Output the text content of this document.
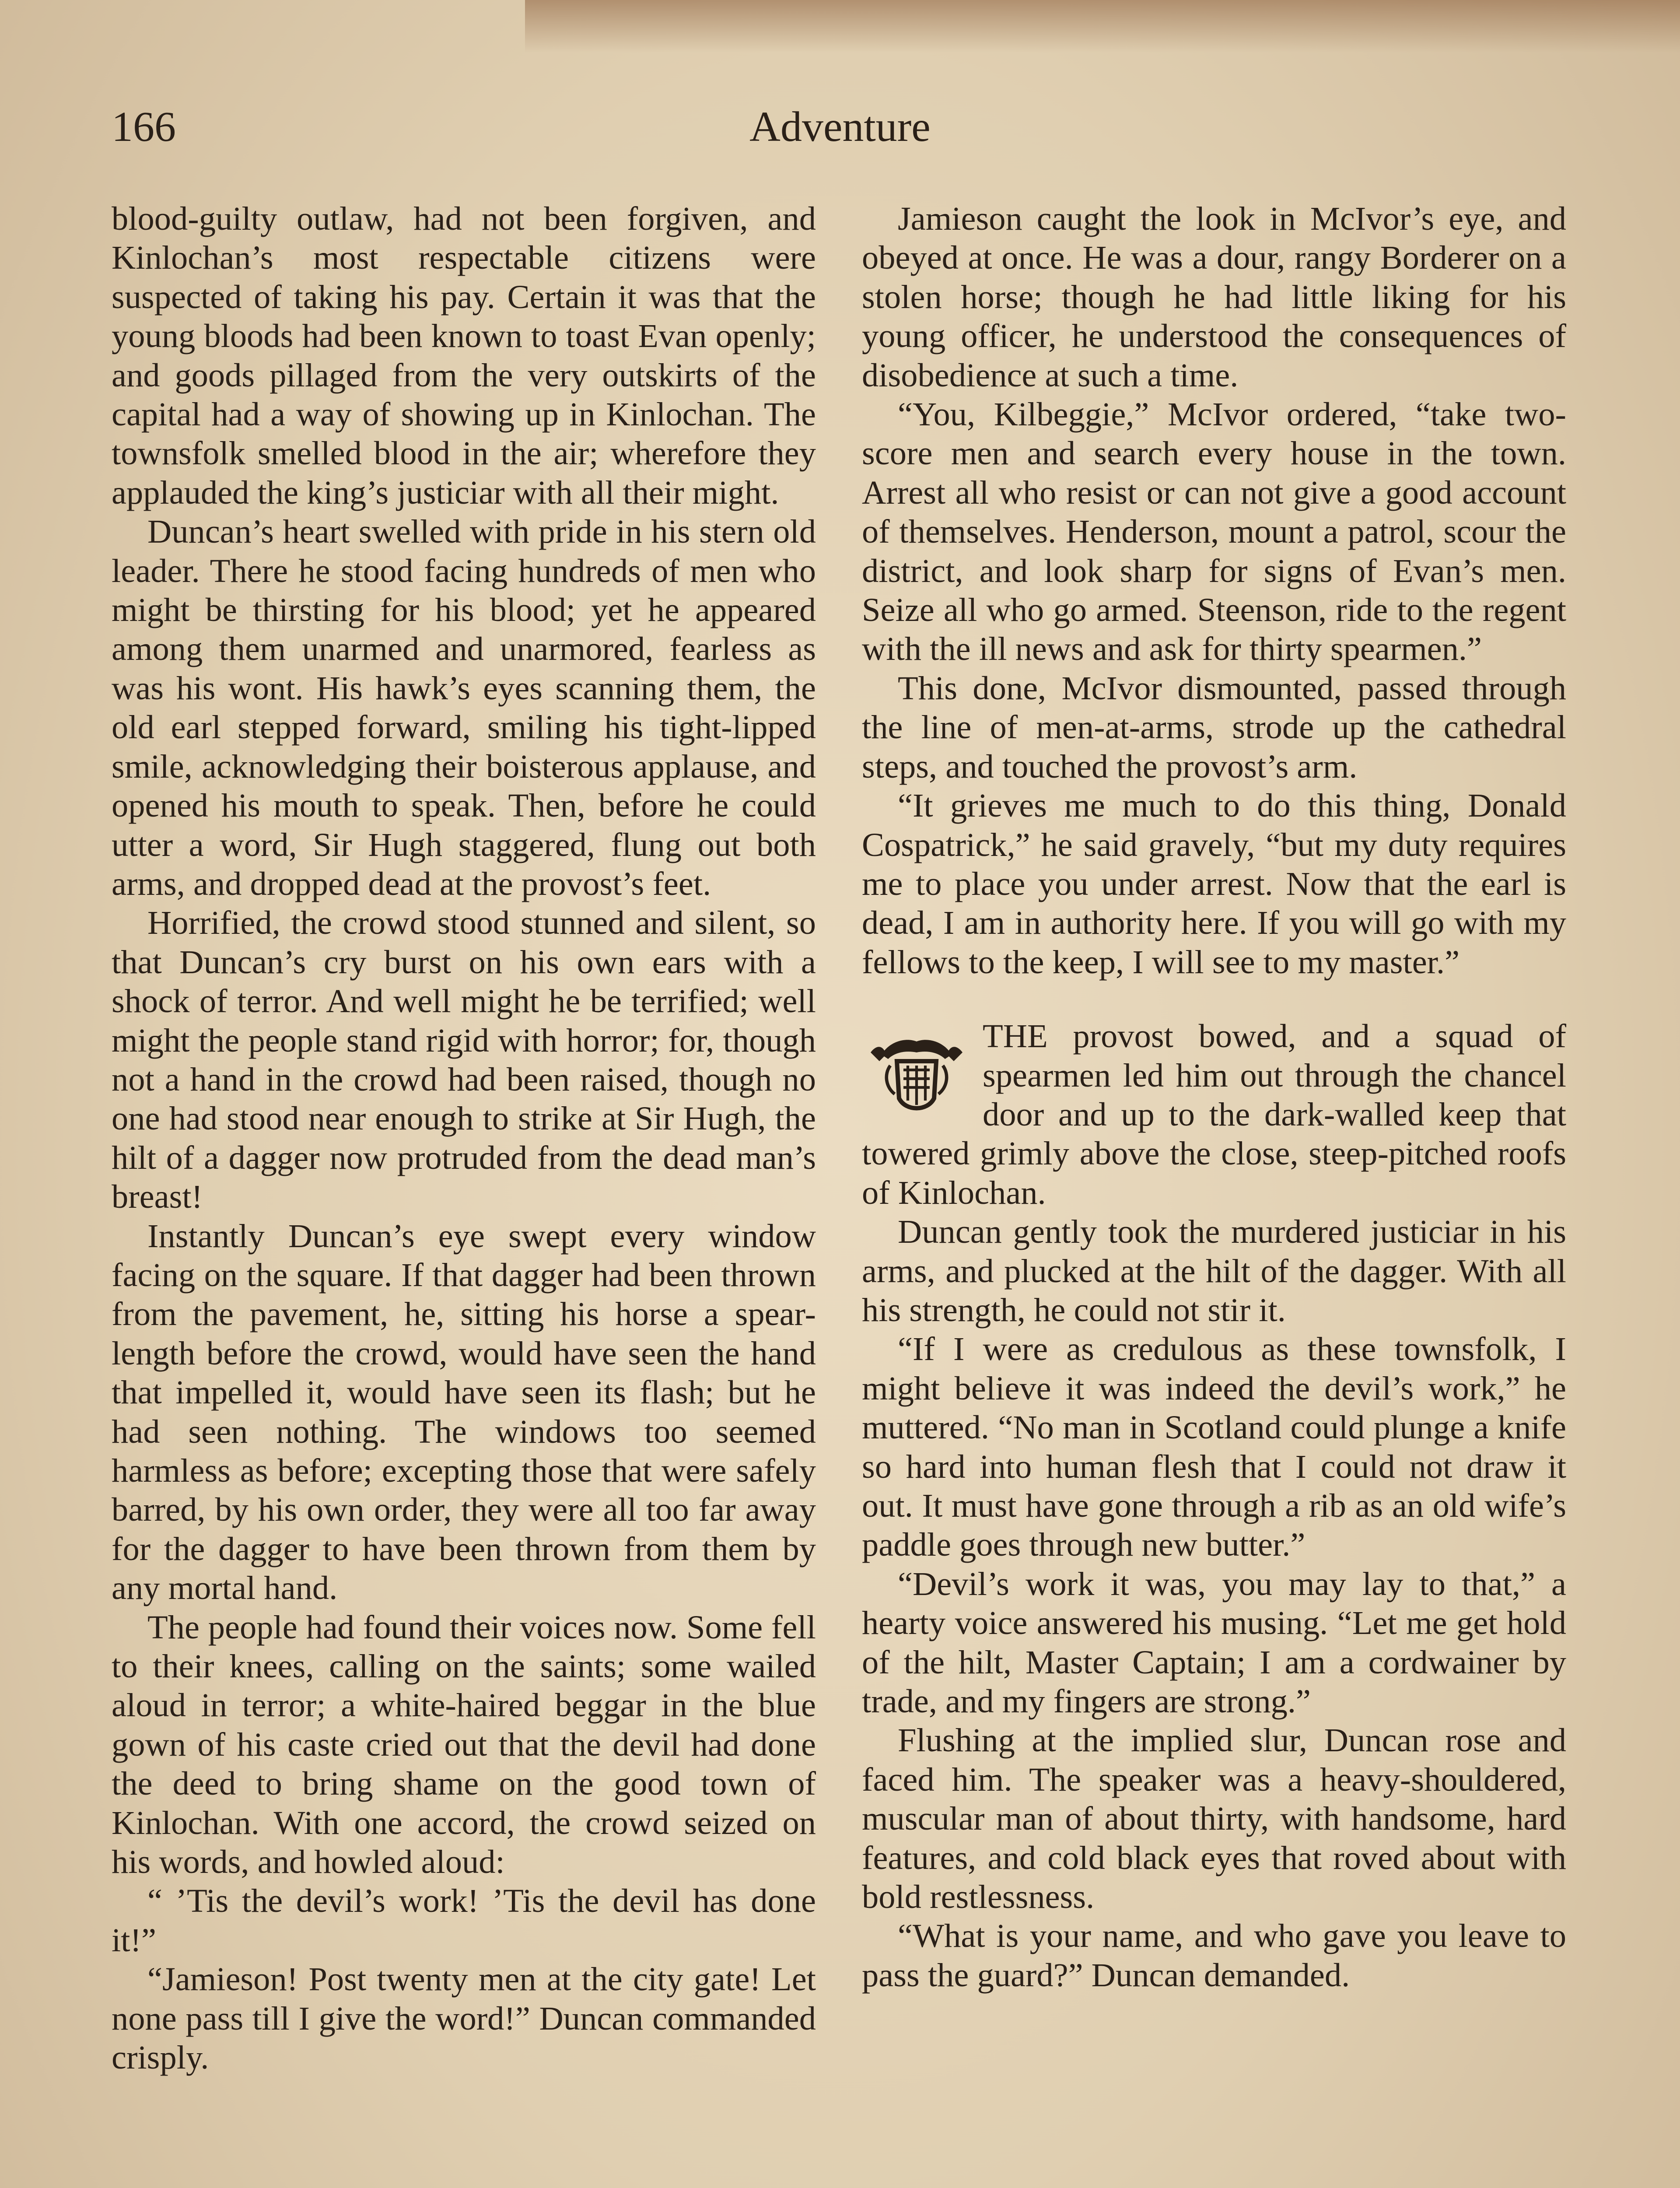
166	Adventure

blood-guilty outlaw, had not been forgiven, and Kinlochan’s most respectable citizens were suspected of taking his pay. Certain it was that the young bloods had been known to toast Evan openly; and goods pillaged from the very outskirts of the capital had a way of showing up in Kinlochan. The townsfolk smelled blood in the air; wherefore they applauded the king’s justiciar with all their might.

Duncan’s heart swelled with pride in his stern old leader. There he stood facing hundreds of men who might be thirsting for his blood; yet he appeared among them unarmed and unarmored, fearless as was his wont. His hawk’s eyes scanning them, the old earl stepped forward, smiling his tight-lipped smile, acknowledging their boisterous applause, and opened his mouth to speak. Then, before he could utter a word, Sir Hugh staggered, flung out both arms, and dropped dead at the provost’s feet.

Horrified, the crowd stood stunned and silent, so that Duncan’s cry burst on his own ears with a shock of terror. And well might he be terrified; well might the people stand rigid with horror; for, though not a hand in the crowd had been raised, though no one had stood near enough to strike at Sir Hugh, the hilt of a dagger now protruded from the dead man’s breast!

Instantly Duncan’s eye swept every window facing on the square. If that dagger had been thrown from the pavement, he, sitting his horse a spear-length before the crowd, would have seen the hand that impelled it, would have seen its flash; but he had seen nothing. The windows too seemed harmless as before; excepting those that were safely barred, by his own order, they were all too far away for the dagger to have been thrown from them by any mortal hand.

The people had found their voices now. Some fell to their knees, calling on the saints; some wailed aloud in terror; a white-haired beggar in the blue gown of his caste cried out that the devil had done the deed to bring shame on the good town of Kinlochan. With one accord, the crowd seized on his words, and howled aloud:

“ ’Tis the devil’s work! ’Tis the devil has done it!”

“Jamieson! Post twenty men at the city gate! Let none pass till I give the word!” Duncan commanded crisply.

Jamieson caught the look in McIvor’s eye, and obeyed at once. He was a dour, rangy Borderer on a stolen horse; though he had little liking for his young officer, he understood the consequences of disobedience at such a time.

“You, Kilbeggie,” McIvor ordered, “take two-score men and search every house in the town. Arrest all who resist or can not give a good account of themselves. Henderson, mount a patrol, scour the district, and look sharp for signs of Evan’s men. Seize all who go armed. Steenson, ride to the regent with the ill news and ask for thirty spearmen.”

This done, McIvor dismounted, passed through the line of men-at-arms, strode up the cathedral steps, and touched the provost’s arm.

“It grieves me much to do this thing, Donald Cospatrick,” he said gravely, “but my duty requires me to place you under arrest. Now that the earl is dead, I am in authority here. If you will go with my fellows to the keep, I will see to my master.”

THE provost bowed, and a squad of spearmen led him out through the chancel door and up to the dark-walled keep that towered grimly above the close, steep-pitched roofs of Kinlochan.

Duncan gently took the murdered justiciar in his arms, and plucked at the hilt of the dagger. With all his strength, he could not stir it.

“If I were as credulous as these townsfolk, I might believe it was indeed the devil’s work,” he muttered. “No man in Scotland could plunge a knife so hard into human flesh that I could not draw it out. It must have gone through a rib as an old wife’s paddle goes through new butter.”

“Devil’s work it was, you may lay to that,” a hearty voice answered his musing. “Let me get hold of the hilt, Master Captain; I am a cordwainer by trade, and my fingers are strong.”

Flushing at the implied slur, Duncan rose and faced him. The speaker was a heavy-shouldered, muscular man of about thirty, with handsome, hard features, and cold black eyes that roved about with bold restlessness.

“What is your name, and who gave you leave to pass the guard?” Duncan demanded.
